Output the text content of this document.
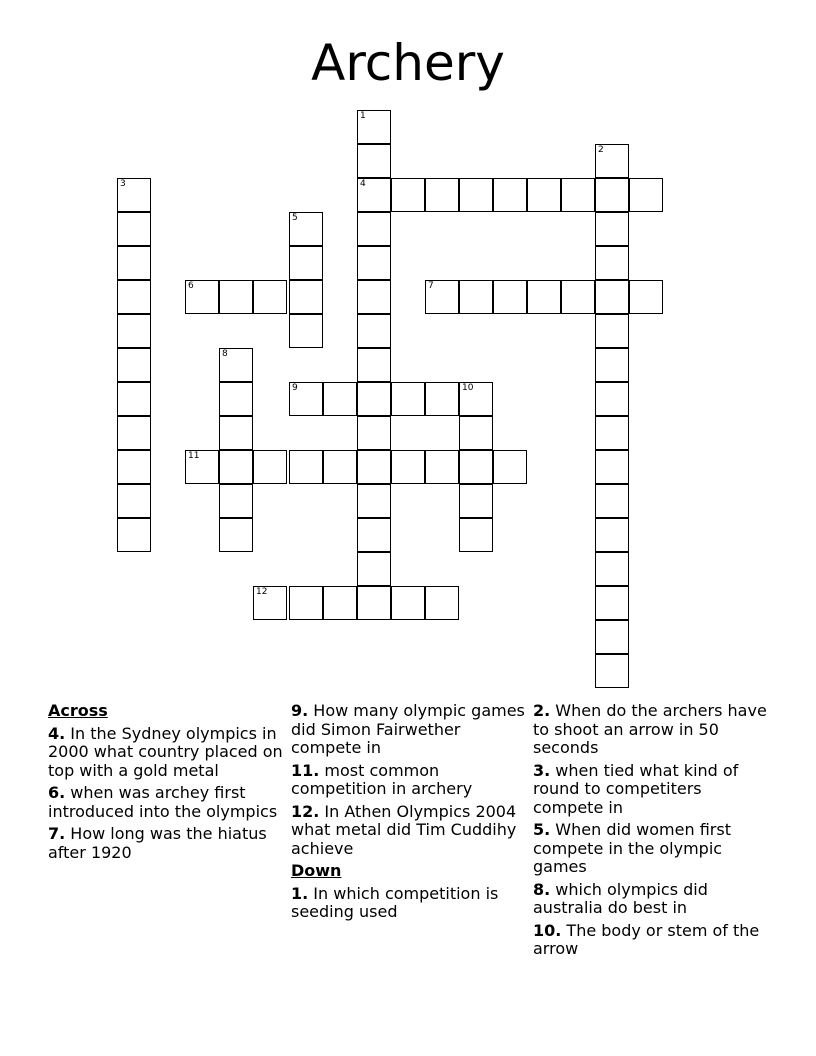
Archery
1
4
2
3
5
6	7
8
9	10
11
12
Across
4. In the Sydney olympics in 2000 what country placed on top with a gold metal
6. when was archey first introduced into the olympics
7. How long was the hiatus after 1920
9. How many olympic games did Simon Fairwether compete in
11. most common competition in archery
12. In Athen Olympics 2004 what metal did Tim Cuddihy achieve
Down
1. In which competition is seeding used
2. When do the archers have to shoot an arrow in 50 seconds
3. when tied what kind of round to competiters compete in
5. When did women first compete in the olympic games
8. which olympics did australia do best in
10. The body or stem of the arrow
